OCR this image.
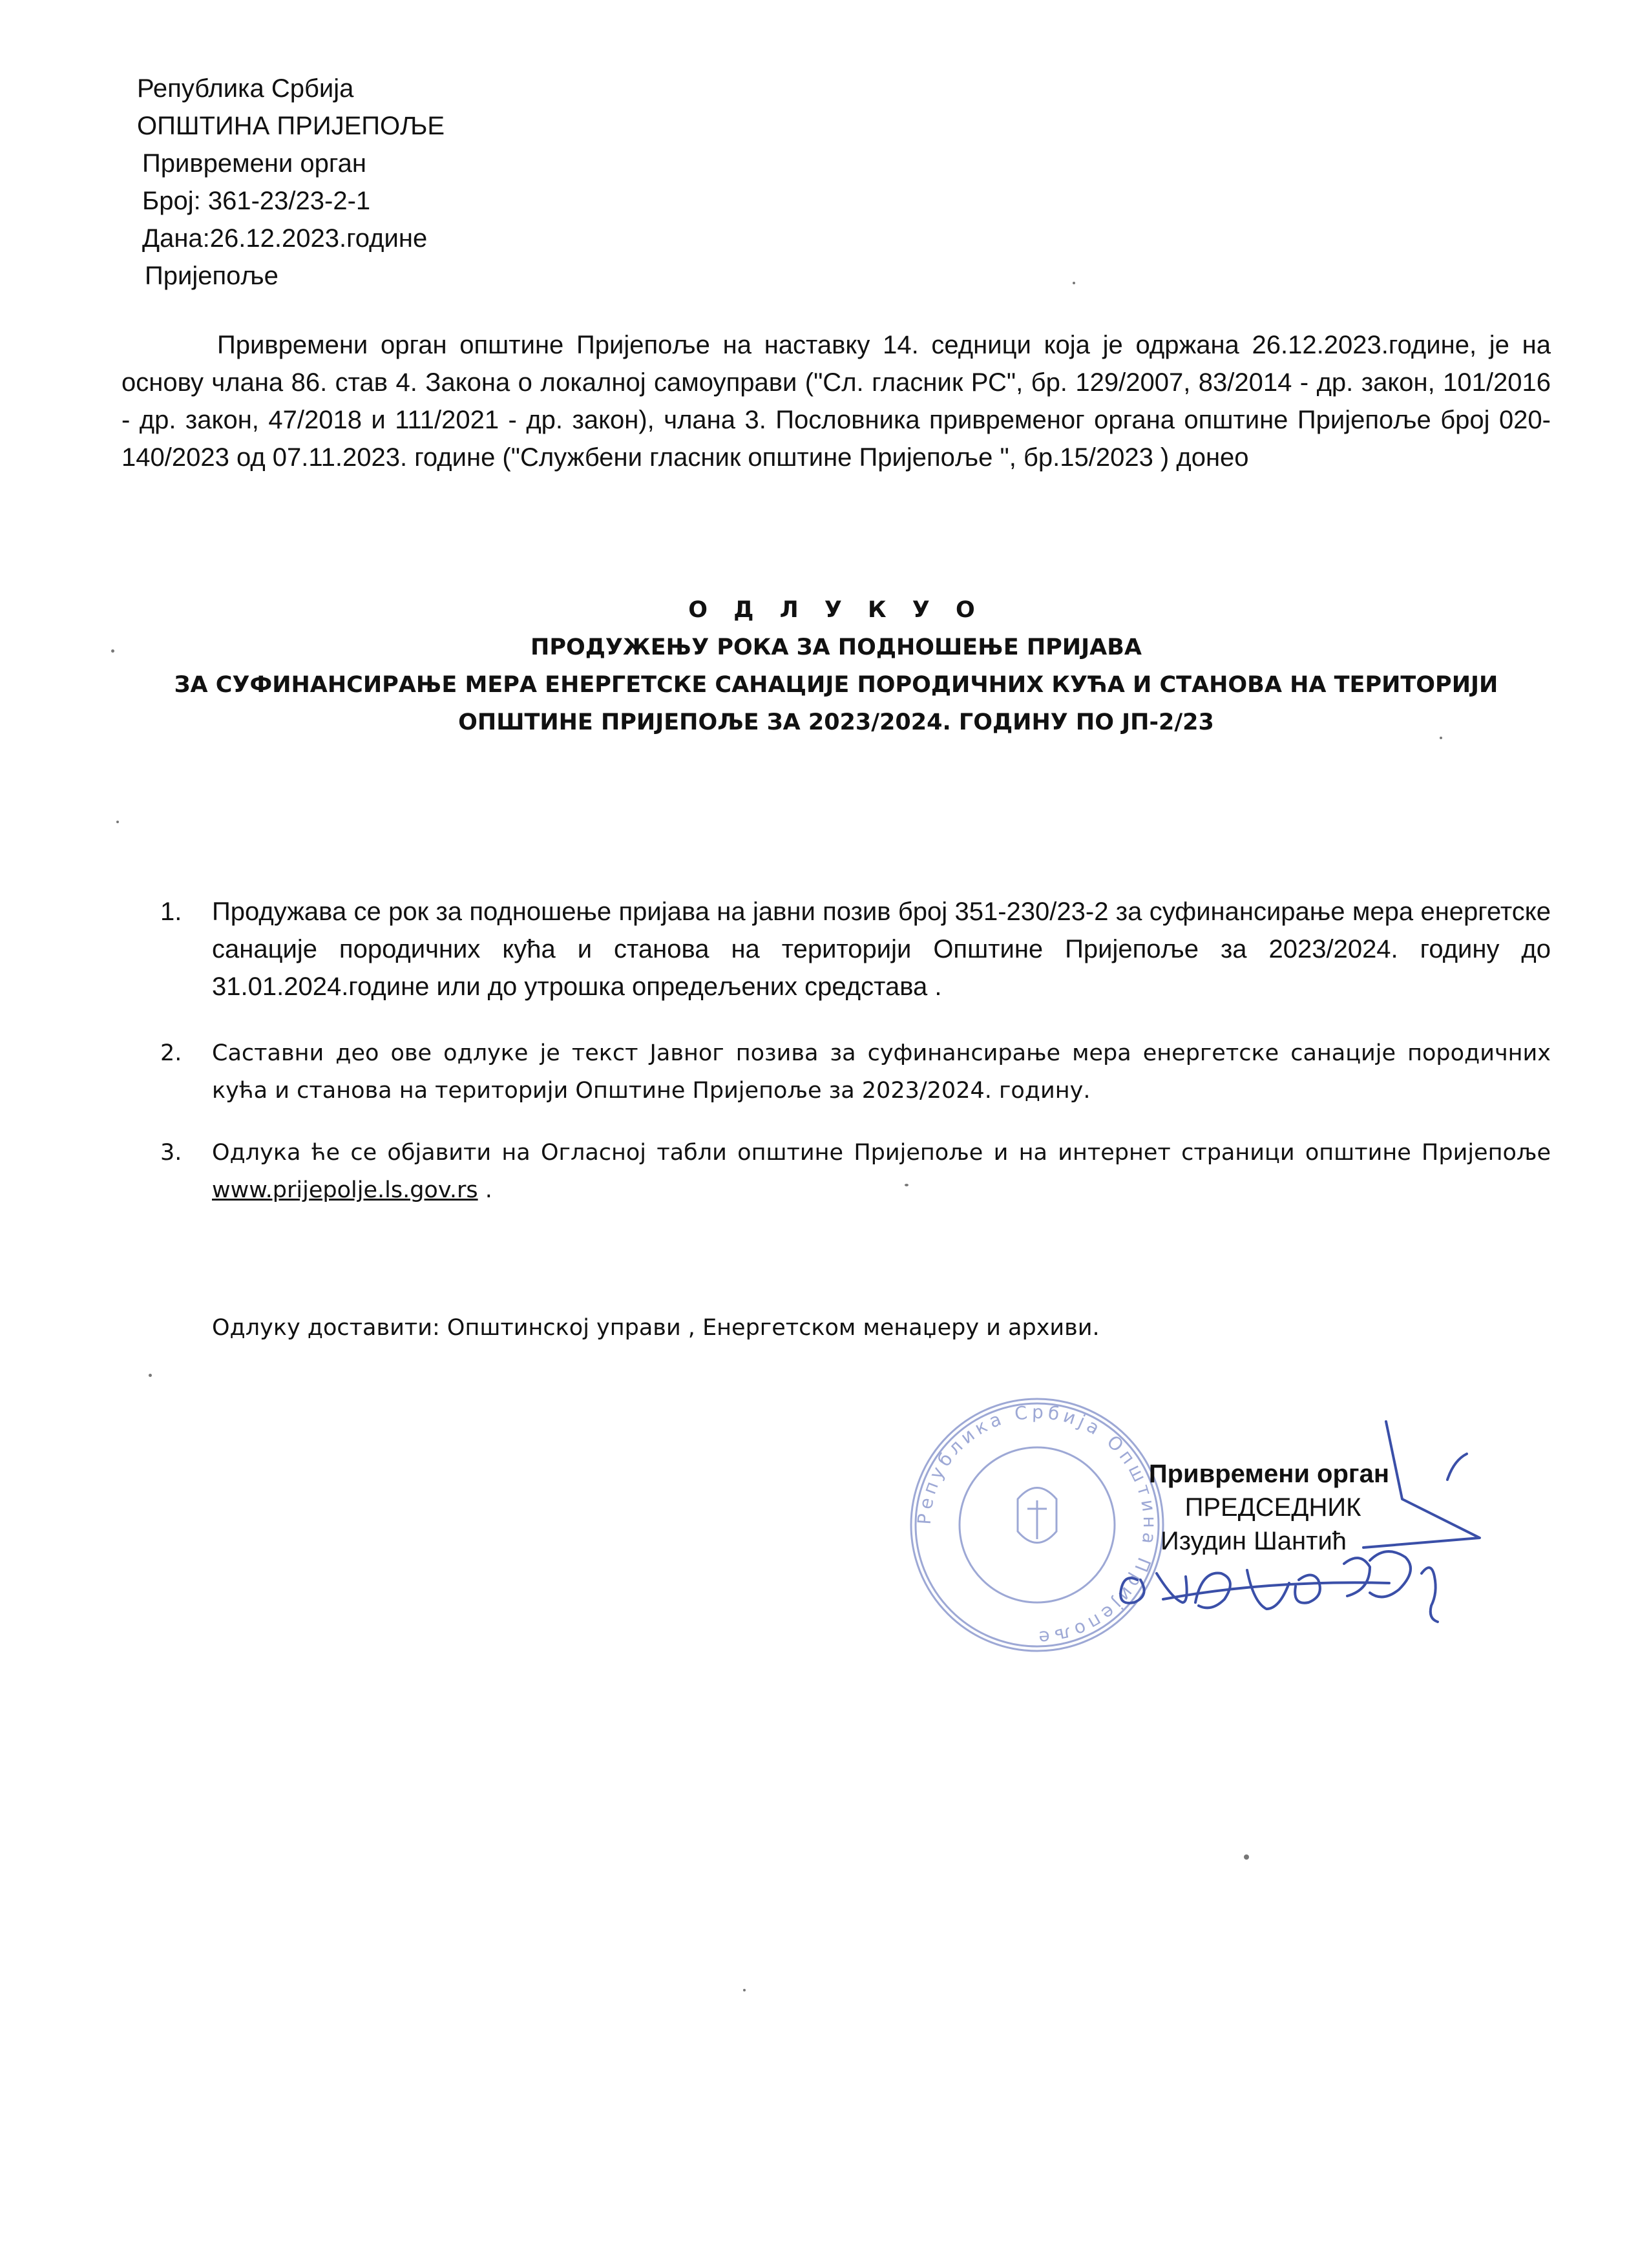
Република Србија
ОПШТИНА ПРИЈЕПОЉЕ
Привремени орган
Број: 361-23/23-2-1
Дана:26.12.2023.године
Пријепоље
Привремени орган општине Пријепоље на наставку 14. седници која је одржана 26.12.2023.године, је на основу члана 86. став 4. Закона о локалној самоуправи ("Сл. гласник РС", бр. 129/2007, 83/2014 - др. закон, 101/2016 - др. закон, 47/2018 и 111/2021 - др. закон), члана 3. Пословника привременог органа општине Пријепоље број 020-140/2023 од 07.11.2023. године ("Службени гласник општине Пријепоље ", бр.15/2023 ) донео
О Д Л У К У О
ПРОДУЖЕЊУ РОКА ЗА ПОДНОШЕЊЕ ПРИЈАВА
ЗА СУФИНАНСИРАЊЕ МЕРА ЕНЕРГЕТСКЕ САНАЦИЈЕ ПОРОДИЧНИХ КУЋА И СТАНОВА НА ТЕРИТОРИЈИ
ОПШТИНЕ ПРИЈЕПОЉЕ ЗА 2023/2024. ГОДИНУ ПО ЈП-2/23
1. Продужава се рок за подношење пријава на јавни позив број 351-230/23-2 за суфинансирање мера енергетске санације породичних кућа и станова на територији Општине Пријепоље за 2023/2024. годину до 31.01.2024.године или до утрошка опредељених средстава .
2. Саставни део ове одлуке је текст Јавног позива за суфинансирање мера енергетске санације породичних кућа и станова на територији Општине Пријепоље за 2023/2024. годину.
3. Одлука ће се објавити на Огласној табли општине Пријепоље и на интернет страници општине Пријепоље www.prijepolje.ls.gov.rs .
Одлуку доставити: Општинској управи , Енергетском менаџеру и архиви.
Република Србија Општина Пријепоље
Привремени орган
ПРЕДСЕДНИК
Изудин Шантић
